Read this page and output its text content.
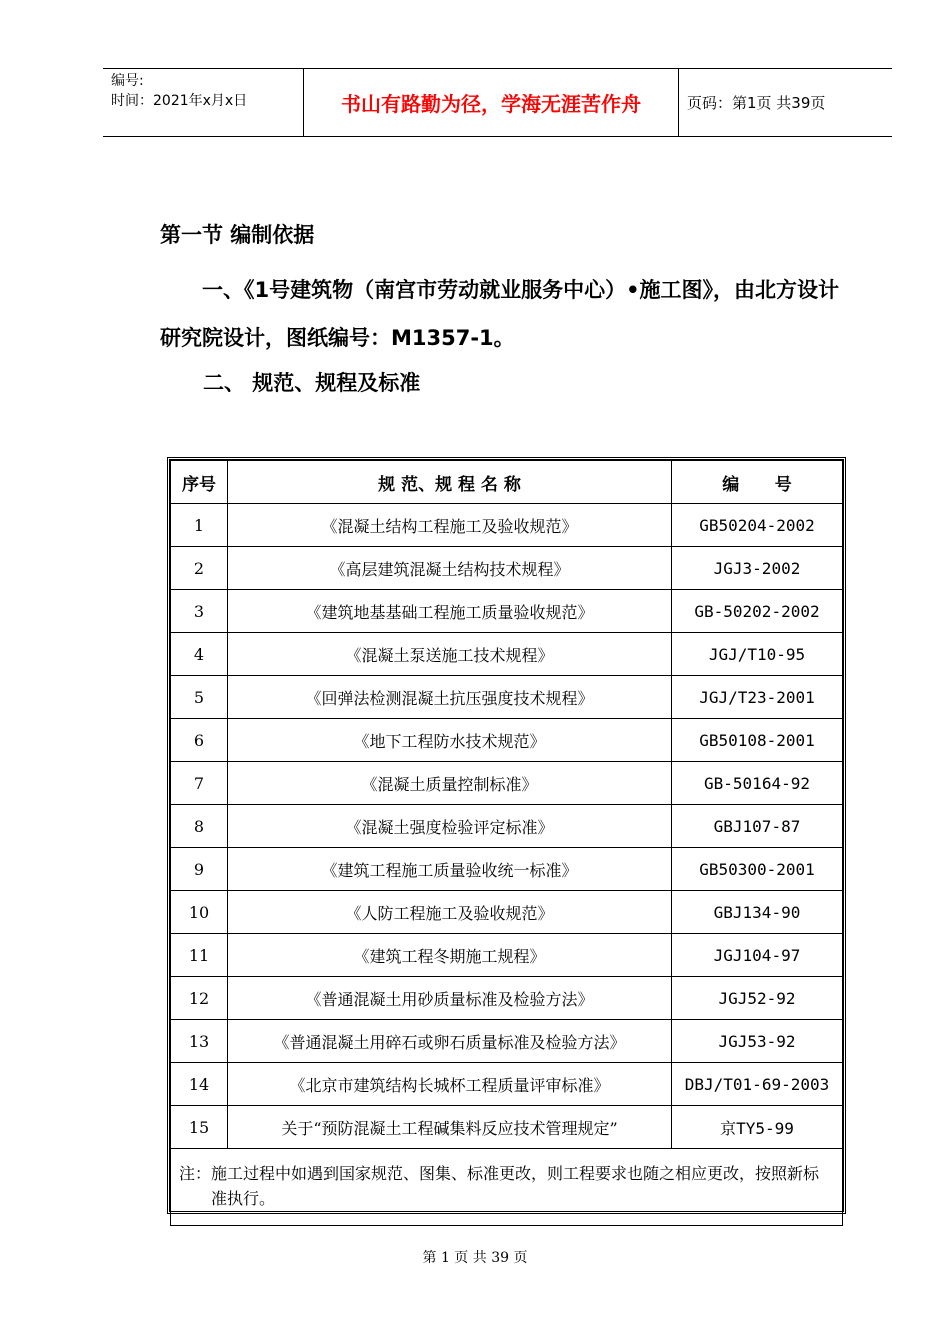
编号:
时间：2021年x月x日	书山有路勤为径，学海无涯苦作舟	页码：第1页 共39页
第一节 编制依据
一、《1号建筑物（南宫市劳动就业服务中心）•施工图》，由北方设计研究院设计，图纸编号：M1357-1。
二、 规范、规程及标准
序号	规 范、规 程 名 称	编      号
1	《混凝土结构工程施工及验收规范》	GB50204-2002
2	《高层建筑混凝土结构技术规程》	JGJ3-2002
3	《建筑地基基础工程施工质量验收规范》	GB-50202-2002
4	《混凝土泵送施工技术规程》	JGJ/T10-95
5	《回弹法检测混凝土抗压强度技术规程》	JGJ/T23-2001
6	《地下工程防水技术规范》	GB50108-2001
7	《混凝土质量控制标准》	GB-50164-92
8	《混凝土强度检验评定标准》	GBJ107-87
9	《建筑工程施工质量验收统一标准》	GB50300-2001
10	《人防工程施工及验收规范》	GBJ134-90
11	《建筑工程冬期施工规程》	JGJ104-97
12	《普通混凝土用砂质量标准及检验方法》	JGJ52-92
13	《普通混凝土用碎石或卵石质量标准及检验方法》	JGJ53-92
14	《北京市建筑结构长城杯工程质量评审标准》	DBJ/T01-69-2003
15	关于“预防混凝土工程碱集料反应技术管理规定”	京TY5-99

注： 施工过程中如遇到国家规范、图集、标准更改，则工程要求也随之相应更改，按照新标准执行。		
第 1 页 共 39 页
